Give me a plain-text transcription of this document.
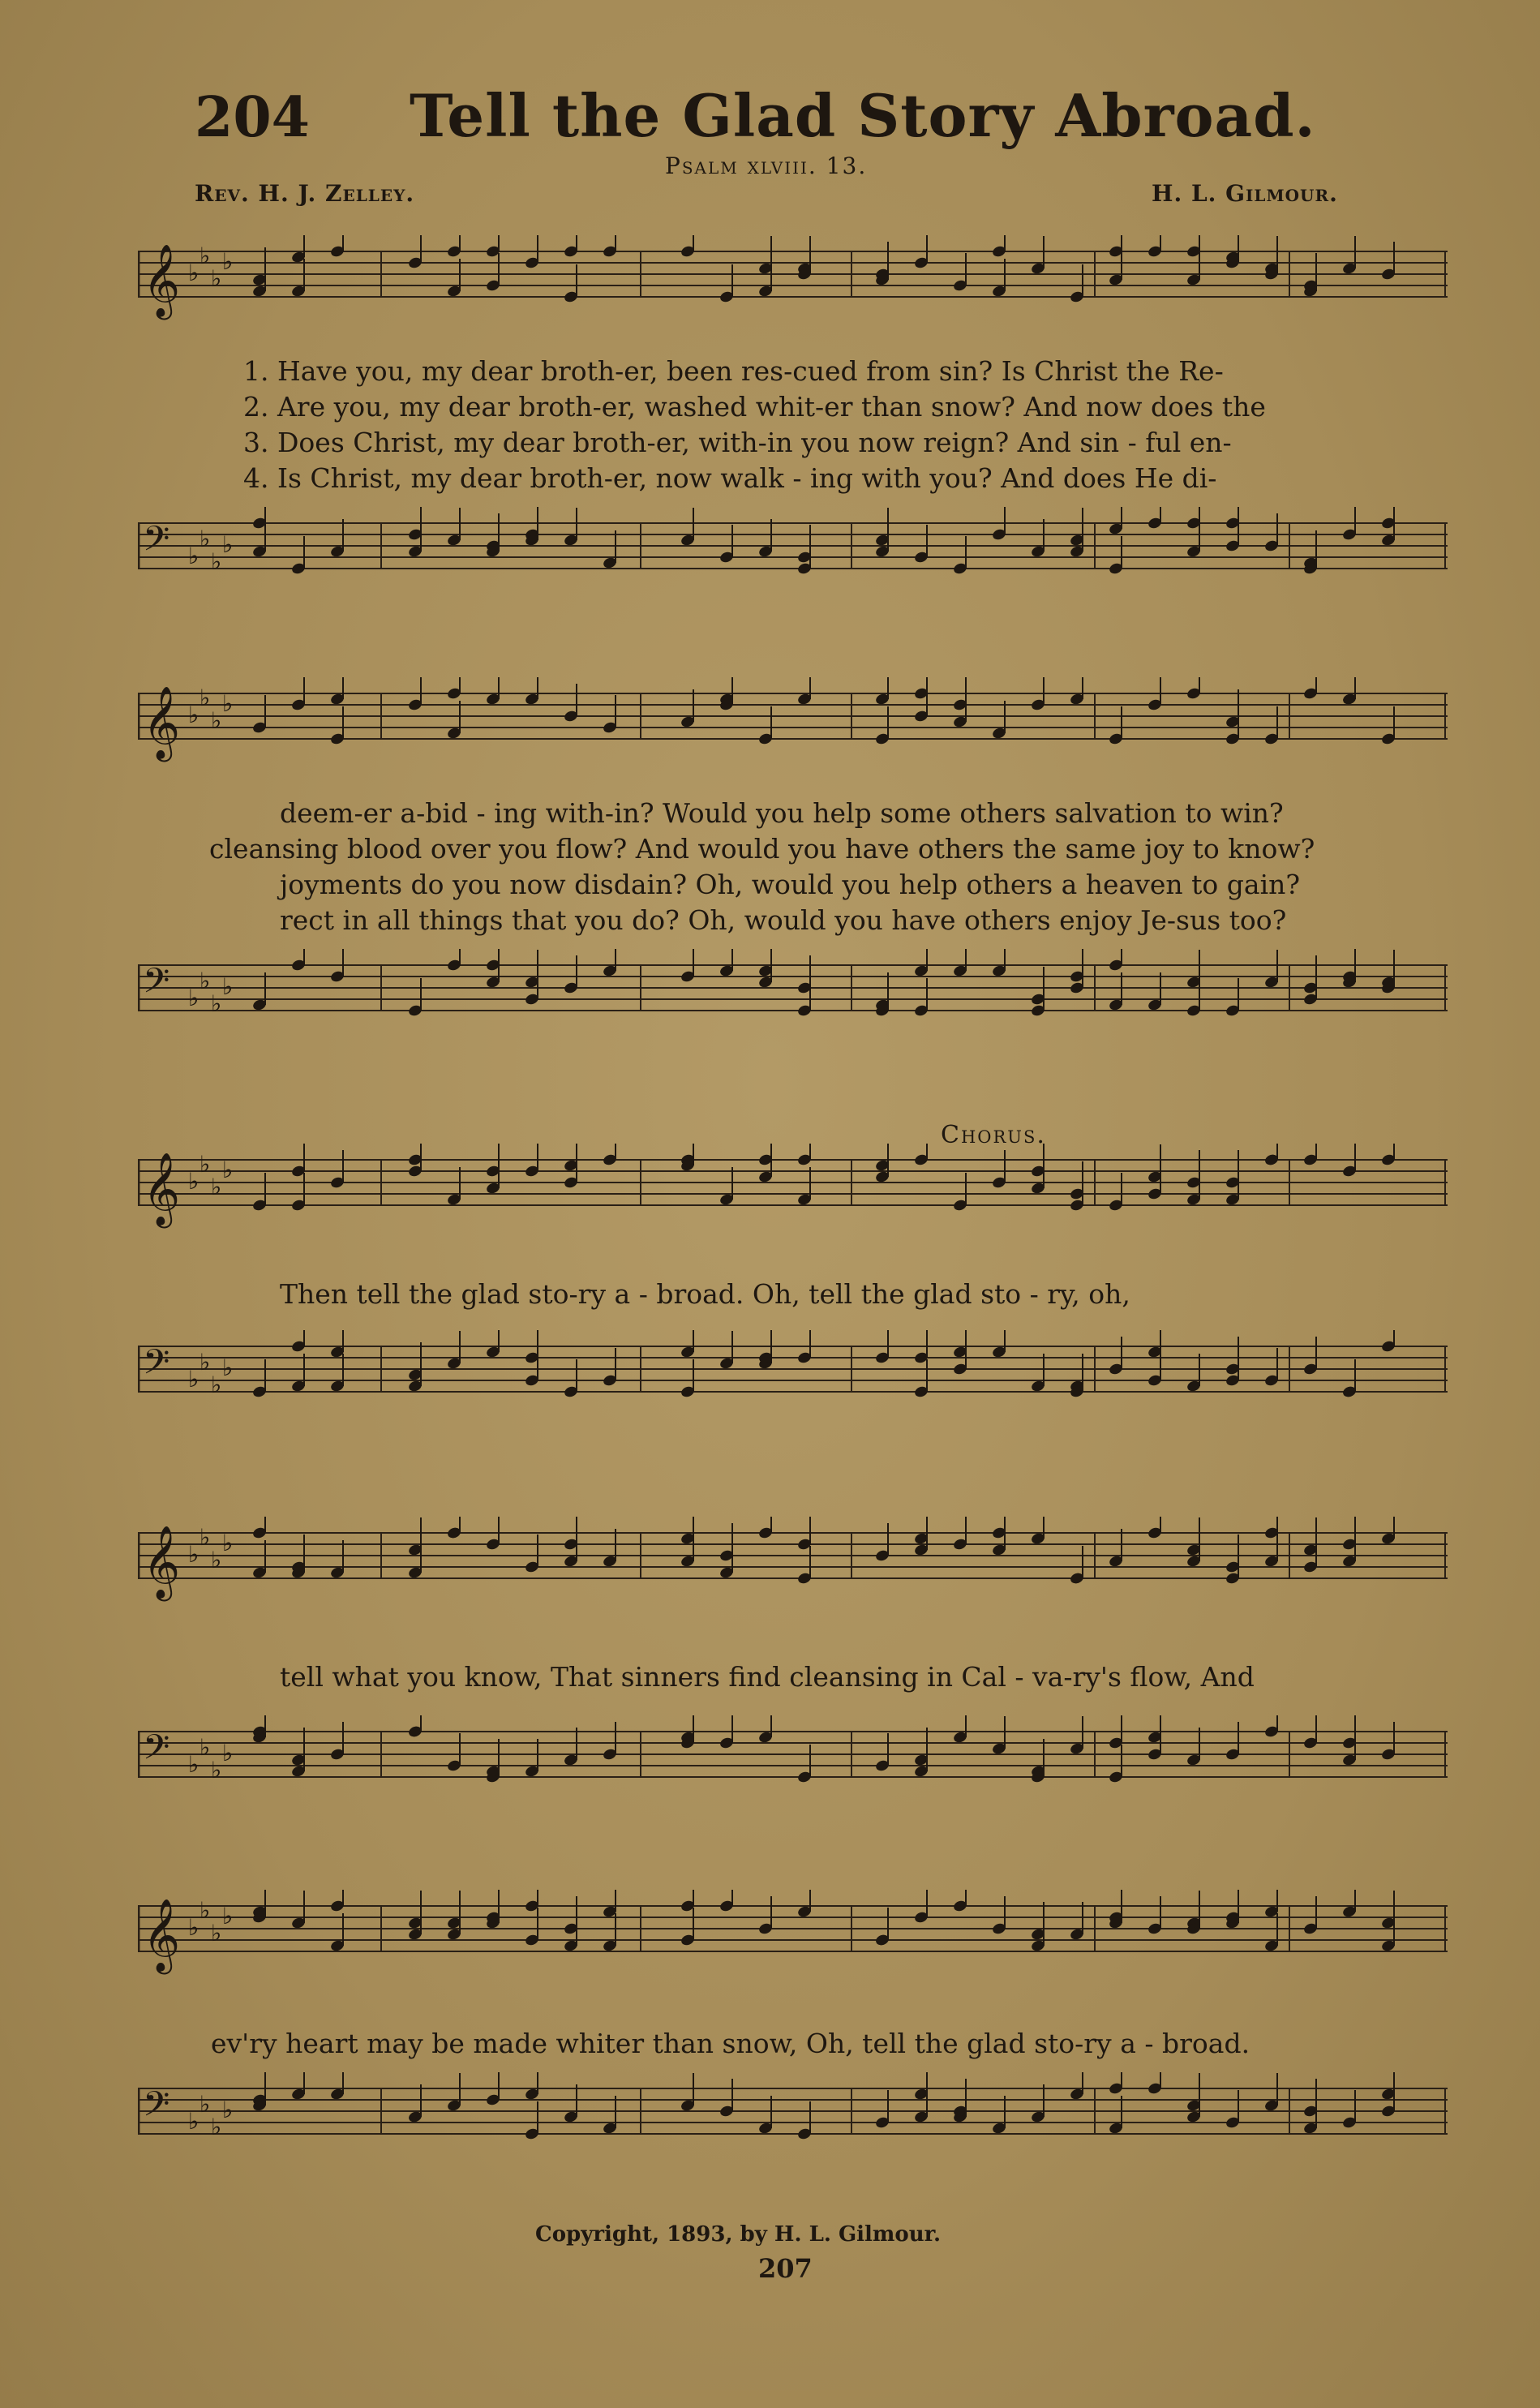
204 Tell the Glad Story Abroad.
Psalm xlviii. 13.
Rev. H. J. Zelley.	H. L. Gilmour.
𝄞 ♭
♭
♭
♭
1. Have you, my dear broth-er, been res-cued from sin? Is Christ the Re-
2. Are you, my dear broth-er, washed whit-er than snow? And now does the
3. Does Christ, my dear broth-er, with-in you now reign? And sin - ful en-
4. Is Christ, my dear broth-er, now walk - ing with you? And does He di-
𝄢 ♭
♭
♭
♭
𝄞 ♭
♭
♭
♭
deem-er a-bid - ing with-in? Would you help some others salvation to win?
cleansing blood over you flow? And would you have others the same joy to know?
joyments do you now disdain? Oh, would you help others a heaven to gain?
rect in all things that you do? Oh, would you have others enjoy Je-sus too?
𝄢 ♭
♭
♭
♭
Chorus.
𝄞 ♭
♭
♭
♭
Then tell the glad sto-ry a - broad. Oh, tell the glad sto - ry, oh,
𝄢 ♭
♭
♭
♭
𝄞 ♭
♭
♭
♭
tell what you know, That sinners find cleansing in Cal - va-ry's flow, And
𝄢 ♭
♭
♭
♭
𝄞 ♭
♭
♭
♭
ev'ry heart may be made whiter than snow, Oh, tell the glad sto-ry a - broad.
𝄢 ♭
♭
♭
♭
Copyright, 1893, by H. L. Gilmour.
207
